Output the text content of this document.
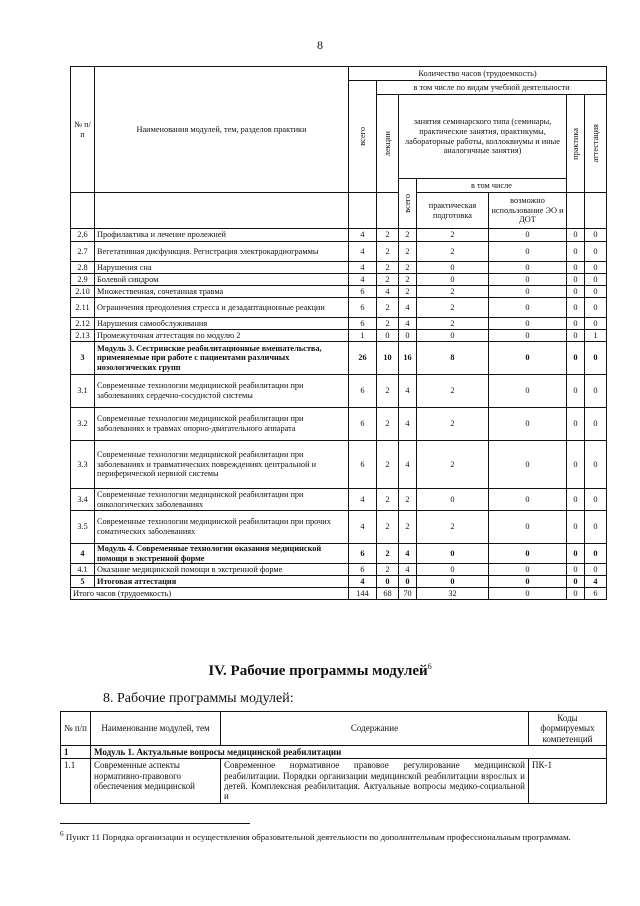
8
№ п/п	Наименования модулей, тем, разделов практики	Количество часов (трудоемкость)						

		всего	в том числе по видам учебной деятельности					

			лекции	занятия семинарского типа (семинары, практические занятия, практикумы, лабораторные работы, коллоквиумы и иные аналогичные занятия)			практика	аттестация

				всего	в том числе			
					практическая подготовка	возможно использование ЭО и ДОТ		
2.6	Профилактика и лечение пролежней	4	2	2	2	0	0	0
2.7	Вегетативная дисфункция. Регистрация электрокардиограммы	4	2	2	2	0	0	0
2.8	Нарушения сна	4	2	2	0	0	0	0
2.9	Болевой синдром	4	2	2	0	0	0	0
2.10	Множественная, сочетанная травма	6	4	2	2	0	0	0
2.11	Ограничения преодоления стресса и дезадаптационные реакции	6	2	4	2	0	0	0
2.12	Нарушения самообслуживания	6	2	4	2	0	0	0
2.13	Промежуточная аттестация по модулю 2	1	0	0	0	0	0	1
3	Модуль 3. Сестринские реабилитационные вмешательства, применяемые при работе с пациентами различных нозологических групп	26	10	16	8	0	0	0
3.1	Современные технологии медицинской реабилитации при заболеваниях сердечно-сосудистой системы	6	2	4	2	0	0	0
3.2	Современные технологии медицинской реабилитации при заболеваниях и травмах опорно-двигательного аппарата	6	2	4	2	0	0	0
3.3	Современные технологии медицинской реабилитации при заболеваниях и травматических повреждениях центральной и периферической нервной системы	6	2	4	2	0	0	0
3.4	Современные технологии медицинской реабилитации при онкологических заболеваниях	4	2	2	0	0	0	0
3.5	Современные технологии медицинской реабилитации при прочих соматических заболеваниях	4	2	2	2	0	0	0
4	Модуль 4. Современные технологии оказания медицинской помощи в экстренной форме	6	2	4	0	0	0	0
4.1	Оказание медицинской помощи в экстренной форме	6	2	4	0	0	0	0
5	Итоговая аттестация	4	0	0	0	0	0	4
Итого часов (трудоемкость)		144	68	70	32	0	0	6
IV. Рабочие программы модулей$^6$
8. Рабочие программы модулей:
№ п/п	Наименование модулей, тем	Содержание	Коды формируемых компетенций
1	Модуль 1. Актуальные вопросы медицинской реабилитации		
1.1	Современные аспекты нормативно-правового обеспечения медицинской	Современное нормативное правовое регулирование медицинской реабилитации. Порядки организации медицинской реабилитации взрослых и детей. Комплексная реабилитация. Актуальные вопросы медико-социальной и	ПК-1
$^6$ Пункт 11 Порядка организации и осуществления образовательной деятельности по дополнительным профессиональным программам.
